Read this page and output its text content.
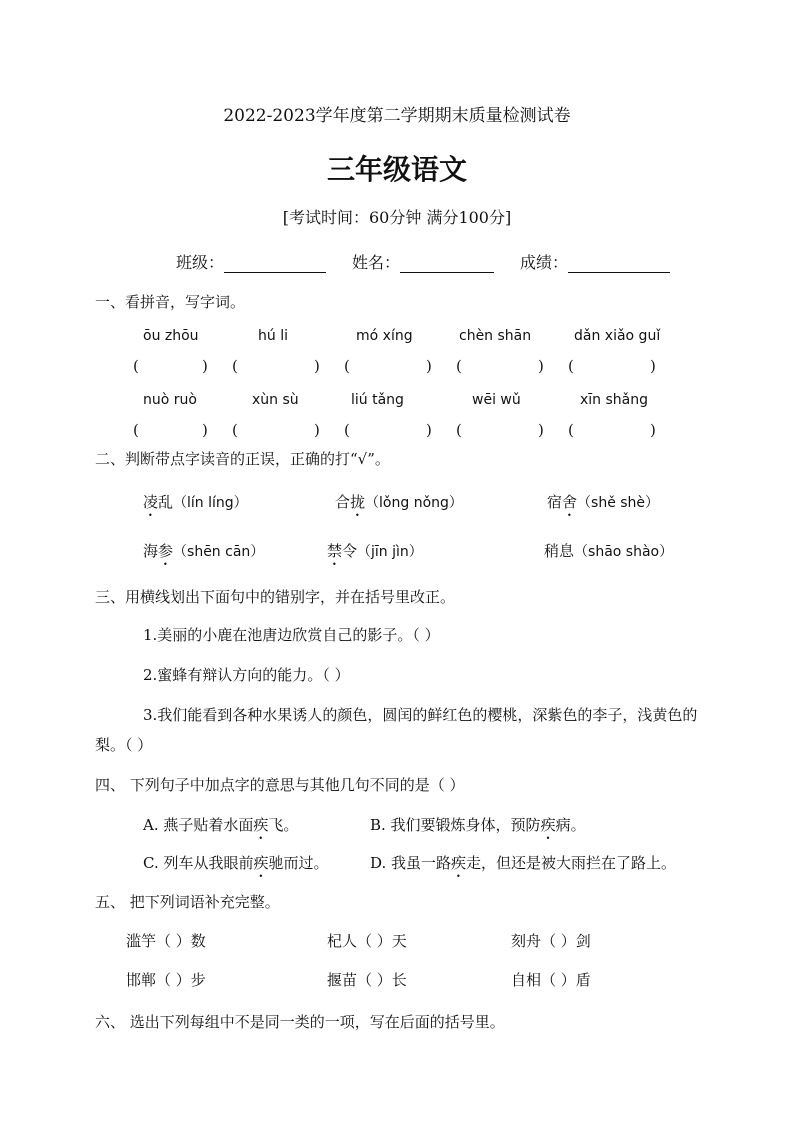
2022-2023学年度第二学期期末质量检测试卷
三年级语文
[考试时间：60分钟 满分100分]
班级：	姓名：	成绩：
一、看拼音，写字词。
ōu zhōu	hú li	mó xíng	chèn shān	dǎn xiǎo guǐ
(	) (	) (	) (	) (	)
nuò ruò	xùn sù	liú tǎng	wēi wǔ	xīn shǎng
(	) (	) (	) (	) (	)
二、判断带点字读音的正误，正确的打“√”。
凌乱（lín líng）	合拢（lǒng nǒng）	宿舍（shě shè）
海参（shēn cān）	禁令（jīn jìn）	稍息（shāo shào）
三、用横线划出下面句中的错别字，并在括号里改正。
1.美丽的小鹿在池唐边欣赏自己的影子。（ ）
2.蜜蜂有辩认方向的能力。（ ）
3.我们能看到各种水果诱人的颜色，圆闰的鲜红色的樱桃，深紫色的李子，浅黄色的
梨。（ ）
四、 下列句子中加点字的意思与其他几句不同的是（ ）
A. 燕子贴着水面疾飞。	B. 我们要锻炼身体，预防疾病。
C. 列车从我眼前疾驰而过。	D. 我虽一路疾走，但还是被大雨拦在了路上。
五、 把下列词语补充完整。
滥竽（ ）数	杞人（ ）天	刻舟（ ）剑
邯郸（ ）步	揠苗（ ）长	自相（ ）盾
六、 选出下列每组中不是同一类的一项，写在后面的括号里。
